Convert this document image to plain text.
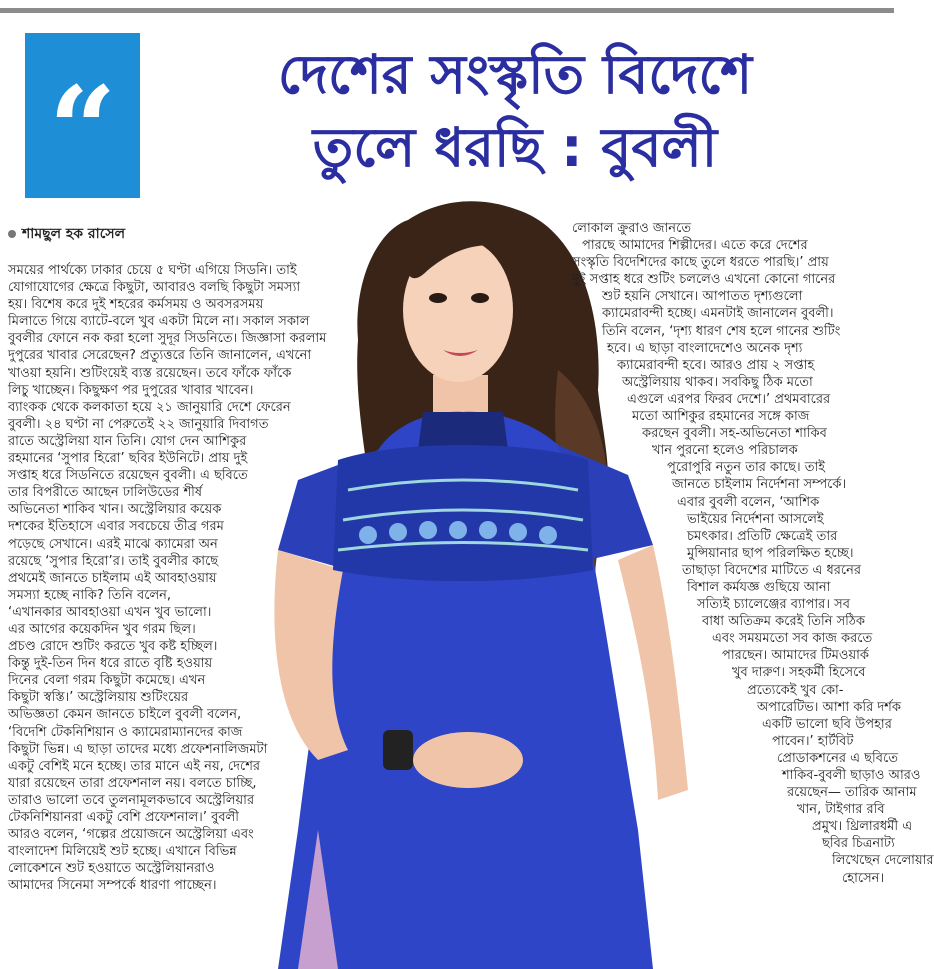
“	দেশের সংস্কৃতি বিদেশে
তুলে ধরছি : বুবলী
শামছুল হক রাসেল
সময়ের পার্থক্যে ঢাকার চেয়ে ৫ ঘণ্টা এগিয়ে সিডনি। তাই
যোগাযোগের ক্ষেত্রে কিছুটা, আবারও বলছি কিছুটা সমস্যা
হয়। বিশেষ করে দুই শহরের কর্মসময় ও অবসরসময়
মিলাতে গিয়ে ব্যাটে-বলে খুব একটা মিলে না। সকাল সকাল
বুবলীর ফোনে নক করা হলো সুদূর সিডনিতে। জিজ্ঞাসা করলাম
দুপুরের খাবার সেরেছেন? প্রত্যুত্তরে তিনি জানালেন, এখনো
খাওয়া হয়নি। শুটিংয়েই ব্যস্ত রয়েছেন। তবে ফাঁকে ফাঁকে
লিচু খাচ্ছেন। কিছুক্ষণ পর দুপুরের খাবার খাবেন।
ব্যাংকক থেকে কলকাতা হয়ে ২১ জানুয়ারি দেশে ফেরেন
বুবলী। ২৪ ঘণ্টা না পেরুতেই ২২ জানুয়ারি দিবাগত
রাতে অস্ট্রেলিয়া যান তিনি। যোগ দেন আশিকুর
রহমানের ‘সুপার হিরো’ ছবির ইউনিটে। প্রায় দুই
সপ্তাহ ধরে সিডনিতে রয়েছেন বুবলী। এ ছবিতে
তার বিপরীতে আছেন ঢালিউডের শীর্ষ
অভিনেতা শাকিব খান। অস্ট্রেলিয়ার কয়েক
দশকের ইতিহাসে এবার সবচেয়ে তীব্র গরম
পড়েছে সেখানে। এরই মাঝে ক্যামেরা অন
রয়েছে ‘সুপার হিরো’র। তাই বুবলীর কাছে
প্রথমেই জানতে চাইলাম এই আবহাওয়ায়
সমস্যা হচ্ছে নাকি? তিনি বলেন,
‘এখানকার আবহাওয়া এখন খুব ভালো।
এর আগের কয়েকদিন খুব গরম ছিল।
প্রচণ্ড রোদে শুটিং করতে খুব কষ্ট হচ্ছিল।
কিন্তু দুই-তিন দিন ধরে রাতে বৃষ্টি হওয়ায়
দিনের বেলা গরম কিছুটা কমেছে। এখন
কিছুটা স্বস্তি।’ অস্ট্রেলিয়ায় শুটিংয়ের
অভিজ্ঞতা কেমন জানতে চাইলে বুবলী বলেন,
‘বিদেশি টেকনিশিয়ান ও ক্যামেরাম্যানদের কাজ
কিছুটা ভিন্ন। এ ছাড়া তাদের মধ্যে প্রফেশনালিজমটা
একটু বেশিই মনে হচ্ছে। তার মানে এই নয়, দেশের
যারা রয়েছেন তারা প্রফেশনাল নয়। বলতে চাচ্ছি,
তারাও ভালো তবে তুলনামূলকভাবে অস্ট্রেলিয়ার
টেকনিশিয়ানরা একটু বেশি প্রফেশনাল।’ বুবলী
আরও বলেন, ‘গল্পের প্রয়োজনে অস্ট্রেলিয়া এবং
বাংলাদেশ মিলিয়েই শুট হচ্ছে। এখানে বিভিন্ন
লোকেশনে শুট হওয়াতে অস্ট্রেলিয়ানরাও
আমাদের সিনেমা সম্পর্কে ধারণা পাচ্ছেন।
লোকাল ক্রুরাও জানতে
পারছে আমাদের শিল্পীদের। এতে করে দেশের
সংস্কৃতি বিদেশিদের কাছে তুলে ধরতে পারছি।’ প্রায়
দুই সপ্তাহ ধরে শুটিং চললেও এখনো কোনো গানের
শুট হয়নি সেখানে। আপাতত দৃশ্যগুলো
ক্যামেরাবন্দী হচ্ছে। এমনটাই জানালেন বুবলী।
তিনি বলেন, ‘দৃশ্য ধারণ শেষ হলে গানের শুটিং
হবে। এ ছাড়া বাংলাদেশেও অনেক দৃশ্য
ক্যামেরাবন্দী হবে। আরও প্রায় ২ সপ্তাহ
অস্ট্রেলিয়ায় থাকব। সবকিছু ঠিক মতো
এগুলে এরপর ফিরব দেশে।’ প্রথমবারের
মতো আশিকুর রহমানের সঙ্গে কাজ
করছেন বুবলী। সহ-অভিনেতা শাকিব
খান পুরনো হলেও পরিচালক
পুরোপুরি নতুন তার কাছে। তাই
জানতে চাইলাম নির্দেশনা সম্পর্কে।
এবার বুবলী বলেন, ‘আশিক
ভাইয়ের নির্দেশনা আসলেই
চমৎকার। প্রতিটি ক্ষেত্রেই তার
মুন্সিয়ানার ছাপ পরিলক্ষিত হচ্ছে।
তাছাড়া বিদেশের মাটিতে এ ধরনের
বিশাল কর্মযজ্ঞ গুছিয়ে আনা
সত্যিই চ্যালেঞ্জের ব্যাপার। সব
বাধা অতিক্রম করেই তিনি সঠিক
এবং সময়মতো সব কাজ করতে
পারছেন। আমাদের টিমওয়ার্ক
খুব দারুণ। সহকর্মী হিসেবে
প্রত্যেকেই খুব কো-
অপারেটিভ। আশা করি দর্শক
একটি ভালো ছবি উপহার
পাবেন।’ হার্টবিট
প্রোডাকশনের এ ছবিতে
শাকিব-বুবলী ছাড়াও আরও
রয়েছেন— তারিক আনাম
খান, টাইগার রবি
প্রমুখ। থ্রিলারধর্মী এ
ছবির চিত্রনাট্য
লিখেছেন দেলোয়ার
হোসেন।
